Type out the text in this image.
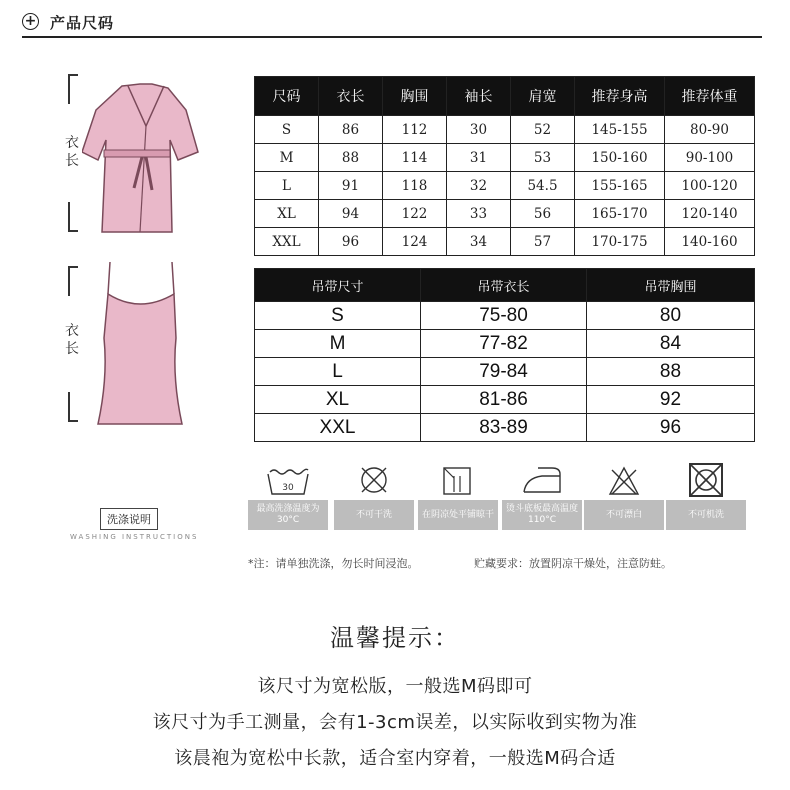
+ 产品尺码
衣长
衣长
尺码	衣长	胸围	袖长	肩宽	推荐身高	推荐体重
S	86	112	30	52	145-155	80-90
M	88	114	31	53	150-160	90-100
L	91	118	32	54.5	155-165	100-120
XL	94	122	33	56	165-170	120-140
XXL	96	124	34	57	170-175	140-160
吊带尺寸	吊带衣长	吊带胸围
S	75-80	80
M	77-82	84
L	79-84	88
XL	81-86	92
XXL	83-89	96
洗涤说明
WASHING INSTRUCTIONS
30
最高洗涤温度为30°C
不可干洗	在阴凉处平铺晾干
烫斗底板最高温度110°C
不可漂白	不可机洗
*注：请单独洗涤，勿长时间浸泡。	贮藏要求：放置阴凉干燥处，注意防蛀。
温馨提示：
该尺寸为宽松版，一般选M码即可
该尺寸为手工测量，会有1-3cm误差，以实际收到实物为准
该晨袍为宽松中长款，适合室内穿着，一般选M码合适
